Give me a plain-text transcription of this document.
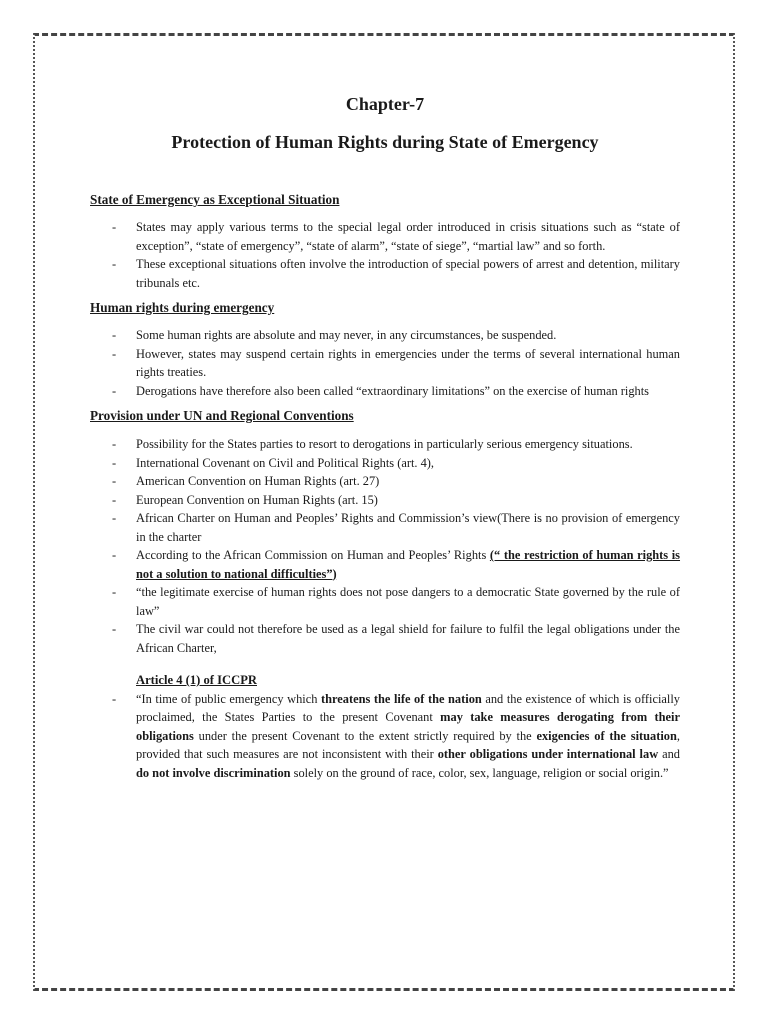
Chapter-7
Protection of Human Rights during State of Emergency
State of Emergency as Exceptional Situation
- States may apply various terms to the special legal order introduced in crisis situations such as “state of exception”, “state of emergency”, “state of alarm”, “state of siege”, “martial law” and so forth.
- These exceptional situations often involve the introduction of special powers of arrest and detention, military tribunals etc.
Human rights during emergency
- Some human rights are absolute and may never, in any circumstances, be suspended.
- However, states may suspend certain rights in emergencies under the terms of several international human rights treaties.
- Derogations have therefore also been called “extraordinary limitations” on the exercise of human rights
Provision under UN and Regional Conventions
- Possibility for the States parties to resort to derogations in particularly serious emergency situations.
- International Covenant on Civil and Political Rights (art. 4),
- American Convention on Human Rights (art. 27)
- European Convention on Human Rights (art. 15)
- African Charter on Human and Peoples’ Rights and Commission’s view(There is no provision of emergency in the charter
- According to the African Commission on Human and Peoples’ Rights (“ the restriction of human rights is not a solution to national difficulties”)
- “the legitimate exercise of human rights does not pose dangers to a democratic State governed by the rule of law”
- The civil war could not therefore be used as a legal shield for failure to fulfil the legal obligations under the African Charter,
Article 4 (1) of ICCPR
- “In time of public emergency which threatens the life of the nation and the existence of which is officially proclaimed, the States Parties to the present Covenant may take measures derogating from their obligations under the present Covenant to the extent strictly required by the exigencies of the situation, provided that such measures are not inconsistent with their other obligations under international law and do not involve discrimination solely on the ground of race, color, sex, language, religion or social origin.”
